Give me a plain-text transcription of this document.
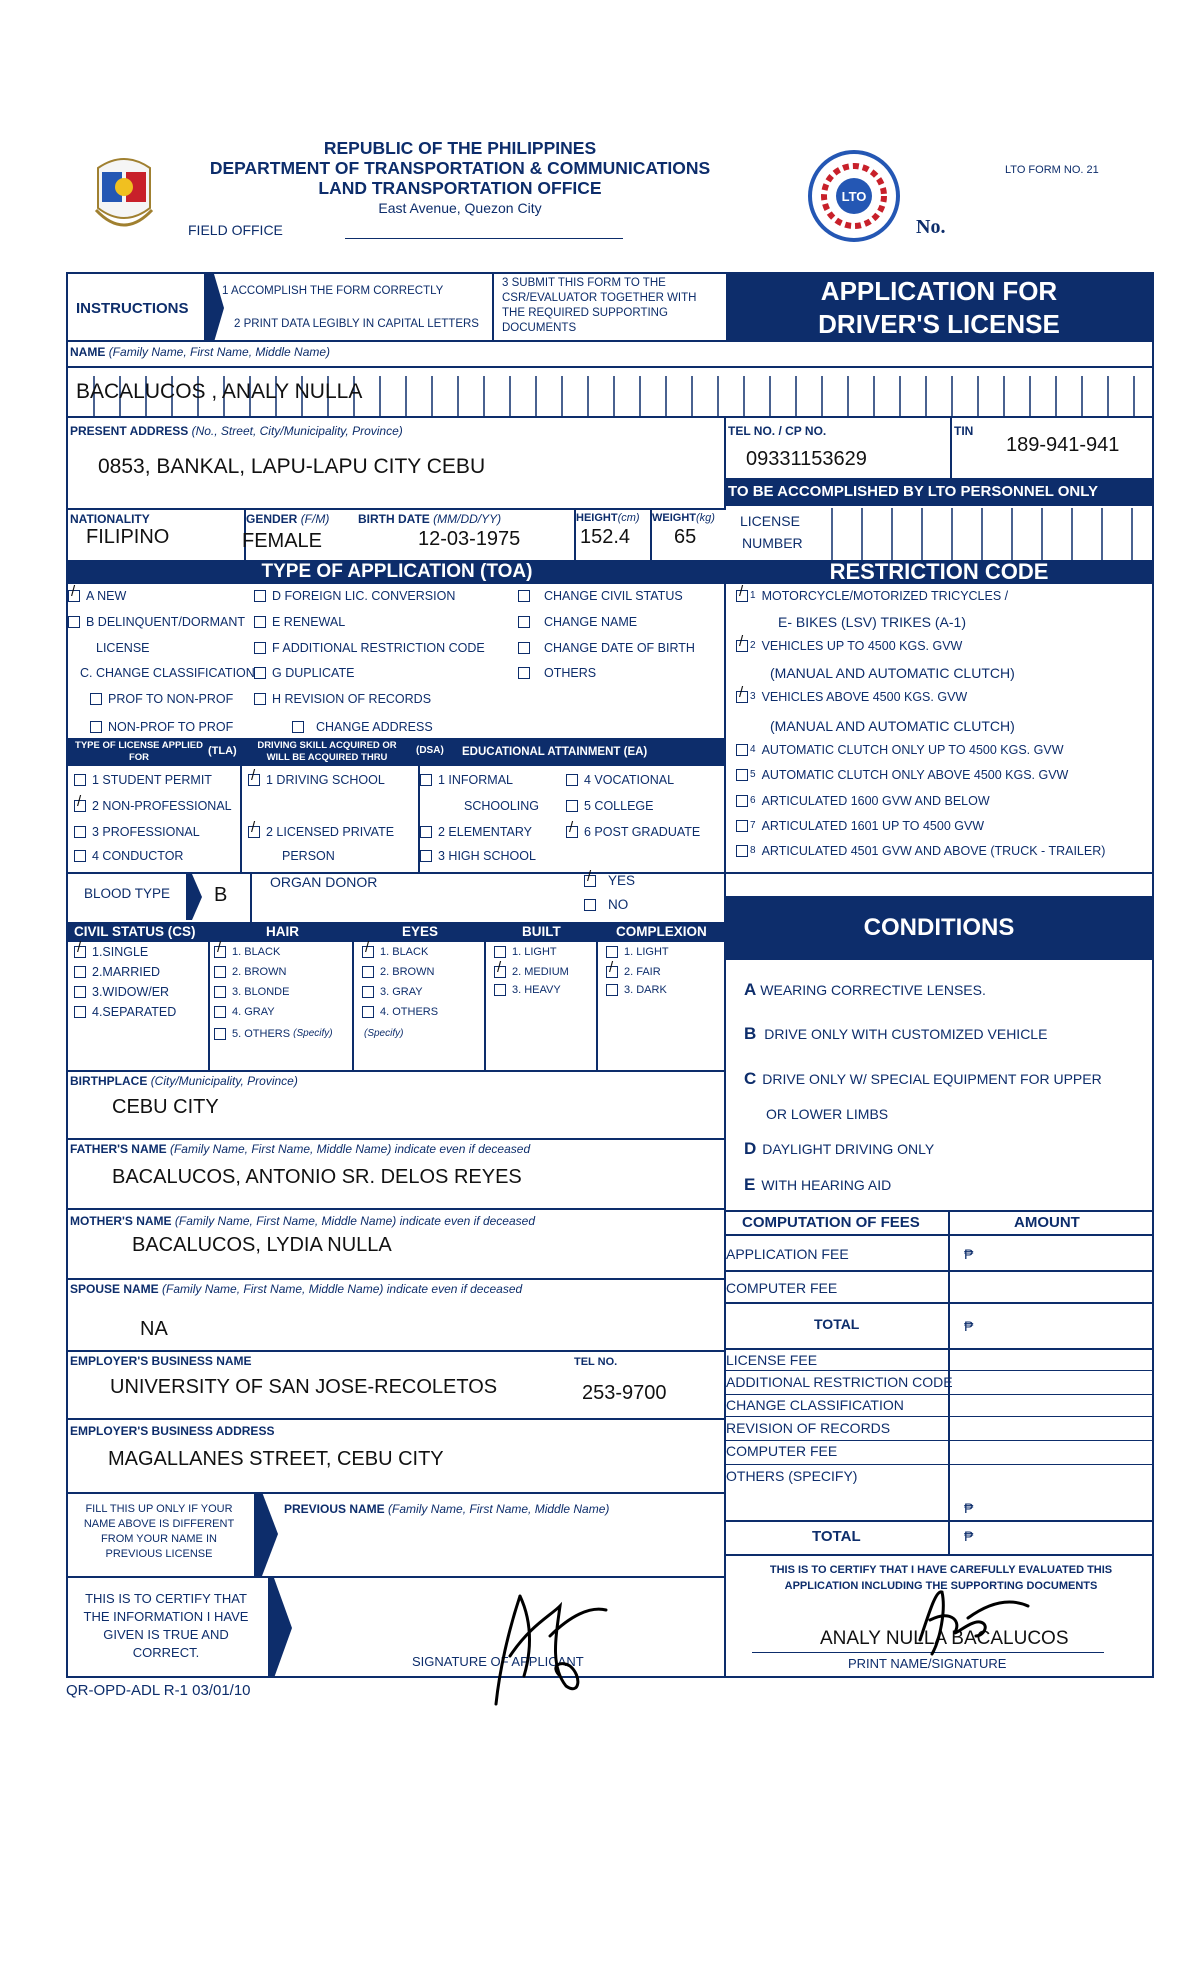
REPUBLIC OF THE PHILIPPINES
DEPARTMENT OF TRANSPORTATION & COMMUNICATIONS
LAND TRANSPORTATION OFFICE
East Avenue, Quezon City
FIELD OFFICE
LTO
LTO FORM NO. 21
No.
INSTRUCTIONS
1 ACCOMPLISH THE FORM CORRECTLY
2 PRINT DATA LEGIBLY IN CAPITAL LETTERS
3 SUBMIT THIS FORM TO THE CSR/EVALUATOR TOGETHER WITH THE REQUIRED SUPPORTING DOCUMENTS
APPLICATION FOR
DRIVER'S LICENSE
NAME (Family Name, First Name, Middle Name)
BACALUCOS , ANALY NULLA
PRESENT ADDRESS (No., Street, City/Municipality, Province)
0853, BANKAL, LAPU-LAPU CITY CEBU
TEL NO. / CP NO.
09331153629
TIN
189-941-941
TO BE ACCOMPLISHED BY LTO PERSONNEL ONLY
NATIONALITY
FILIPINO
GENDER (F/M)
FEMALE
BIRTH DATE (MM/DD/YY)
12-03-1975
HEIGHT(cm)
152.4
WEIGHT(kg)
65
LICENSE
NUMBER
TYPE OF APPLICATION (TOA)	RESTRICTION CODE
/
A NEW
B DELINQUENT/DORMANT
LICENSE
C. CHANGE CLASSIFICATION
PROF TO NON-PROF
NON-PROF TO PROF
D FOREIGN LIC. CONVERSION
E RENEWAL
F ADDITIONAL RESTRICTION CODE
G DUPLICATE
H REVISION OF RECORDS
CHANGE ADDRESS
CHANGE CIVIL STATUS
CHANGE NAME
CHANGE DATE OF BIRTH
OTHERS
TYPE OF LICENSE APPLIED FOR
(TLA)	DRIVING SKILL ACQUIRED OR WILL BE ACQUIRED THRU
(DSA) EDUCATIONAL ATTAINMENT (EA)
1 STUDENT PERMIT
/
2 NON-PROFESSIONAL
3 PROFESSIONAL
4 CONDUCTOR
/
1 DRIVING SCHOOL
/
2 LICENSED PRIVATE
PERSON
1 INFORMAL
SCHOOLING
2 ELEMENTARY
3 HIGH SCHOOL
4 VOCATIONAL
5 COLLEGE
/
6 POST GRADUATE
BLOOD TYPE B
ORGAN DONOR
/	YES
NO
CIVIL STATUS (CS)	HAIR	EYES	BUILT	COMPLEXION
/
1.SINGLE
2.MARRIED
3.WIDOW/ER
4.SEPARATED
/
1. BLACK
2. BROWN
3. BLONDE
4. GRAY
5. OTHERS
(Specify)
/
1. BLACK
2. BROWN
3. GRAY
4. OTHERS
(Specify)
1. LIGHT
/
2. MEDIUM
3. HEAVY
1. LIGHT
/
2. FAIR
3. DARK
/
1 MOTORCYCLE/MOTORIZED TRICYCLES /
E- BIKES (LSV) TRIKES (A-1)
/
2 VEHICLES UP TO 4500 KGS. GVW
(MANUAL AND AUTOMATIC CLUTCH)
/
3 VEHICLES ABOVE 4500 KGS. GVW
(MANUAL AND AUTOMATIC CLUTCH)
4 AUTOMATIC CLUTCH ONLY UP TO 4500 KGS. GVW
5 AUTOMATIC CLUTCH ONLY ABOVE 4500 KGS. GVW
6 ARTICULATED 1600 GVW AND BELOW
7 ARTICULATED 1601 UP TO 4500 GVW
8 ARTICULATED 4501 GVW AND ABOVE (TRUCK - TRAILER)
CONDITIONS
A WEARING CORRECTIVE LENSES.
B DRIVE ONLY WITH CUSTOMIZED VEHICLE
C DRIVE ONLY W/ SPECIAL EQUIPMENT FOR UPPER
OR LOWER LIMBS
D DAYLIGHT DRIVING ONLY
E WITH HEARING AID
BIRTHPLACE (City/Municipality, Province)
CEBU CITY
FATHER'S NAME (Family Name, First Name, Middle Name) indicate even if deceased
BACALUCOS, ANTONIO SR. DELOS REYES
MOTHER'S NAME (Family Name, First Name, Middle Name) indicate even if deceased
BACALUCOS, LYDIA NULLA
SPOUSE NAME (Family Name, First Name, Middle Name) indicate even if deceased
NA
EMPLOYER'S BUSINESS NAME	TEL NO.
UNIVERSITY OF SAN JOSE-RECOLETOS	253-9700
EMPLOYER'S BUSINESS ADDRESS
MAGALLANES STREET, CEBU CITY
FILL THIS UP ONLY IF YOUR NAME ABOVE IS DIFFERENT FROM YOUR NAME IN PREVIOUS LICENSE
PREVIOUS NAME (Family Name, First Name, Middle Name)
THIS IS TO CERTIFY THAT THE INFORMATION I HAVE GIVEN IS TRUE AND CORRECT.
SIGNATURE OF APPLICANT
COMPUTATION OF FEES	AMOUNT
APPLICATION FEE	₱
COMPUTER FEE
TOTAL	₱
LICENSE FEE
ADDITIONAL RESTRICTION CODE
CHANGE CLASSIFICATION
REVISION OF RECORDS
COMPUTER FEE
OTHERS (SPECIFY)
₱
TOTAL	₱
THIS IS TO CERTIFY THAT I HAVE CAREFULLY EVALUATED THIS APPLICATION INCLUDING THE SUPPORTING DOCUMENTS
ANALY NULLA BACALUCOS
PRINT NAME/SIGNATURE
QR-OPD-ADL R-1 03/01/10
